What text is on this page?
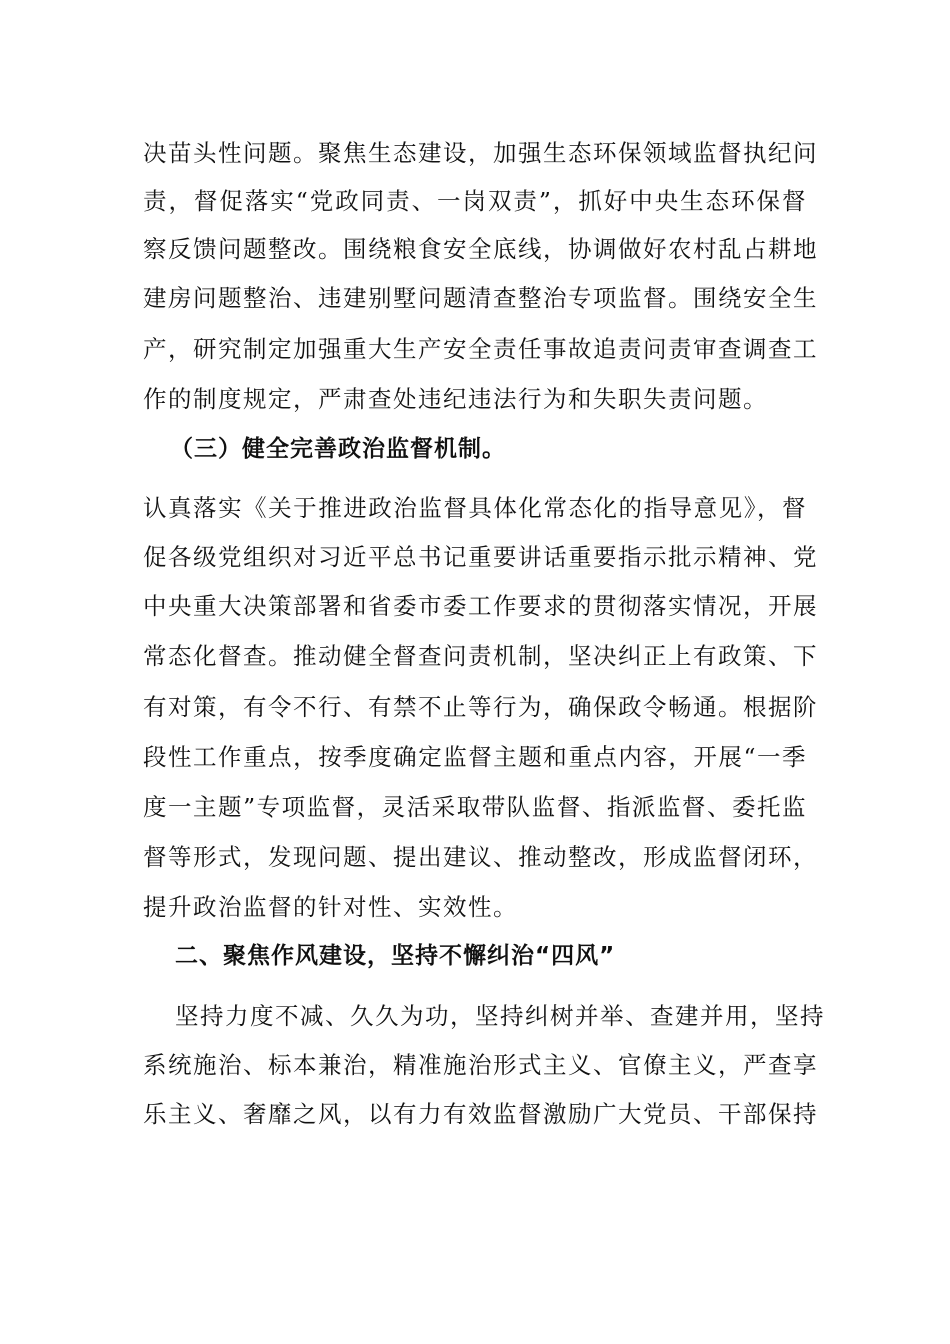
决苗头性问题。聚焦生态建设，加强生态环保领域监督执纪问
责，督促落实“党政同责、一岗双责”，抓好中央生态环保督
察反馈问题整改。围绕粮食安全底线，协调做好农村乱占耕地
建房问题整治、违建别墅问题清查整治专项监督。围绕安全生
产，研究制定加强重大生产安全责任事故追责问责审查调查工
作的制度规定，严肃查处违纪违法行为和失职失责问题。
（三）健全完善政治监督机制。
认真落实《关于推进政治监督具体化常态化的指导意见》，督
促各级党组织对习近平总书记重要讲话重要指示批示精神、党
中央重大决策部署和省委市委工作要求的贯彻落实情况，开展
常态化督查。推动健全督查问责机制，坚决纠正上有政策、下
有对策，有令不行、有禁不止等行为，确保政令畅通。根据阶
段性工作重点，按季度确定监督主题和重点内容，开展“一季
度一主题”专项监督，灵活采取带队监督、指派监督、委托监
督等形式，发现问题、提出建议、推动整改，形成监督闭环，
提升政治监督的针对性、实效性。
二、聚焦作风建设，坚持不懈纠治“四风”
坚持力度不减、久久为功，坚持纠树并举、查建并用，坚持
系统施治、标本兼治，精准施治形式主义、官僚主义，严查享
乐主义、奢靡之风，以有力有效监督激励广大党员、干部保持
